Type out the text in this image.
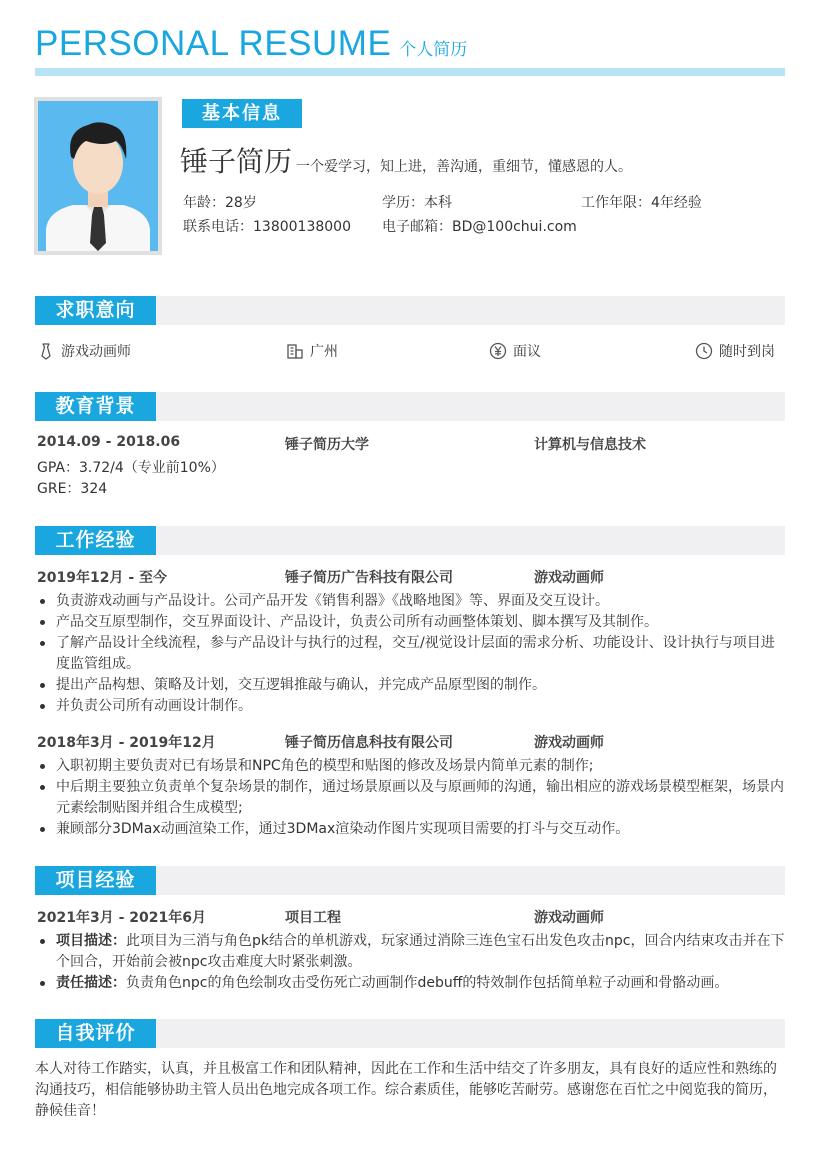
PERSONAL RESUME 个人简历
基本信息
锤子简历 一个爱学习，知上进，善沟通，重细节，懂感恩的人。
年龄：28岁	学历：本科	工作年限：4年经验
联系电话：13800138000 电子邮箱：BD@100chui.com
求职意向
游戏动画师	广州	面议	随时到岗
教育背景
2014.09 - 2018.06	锤子简历大学	计算机与信息技术
GPA：3.72/4（专业前10%） GRE：324
工作经验
2019年12月 - 至今	锤子简历广告科技有限公司	游戏动画师
负责游戏动画与产品设计。公司产品开发《销售利器》《战略地图》等、界面及交互设计。
产品交互原型制作，交互界面设计、产品设计，负责公司所有动画整体策划、脚本撰写及其制作。
了解产品设计全线流程，参与产品设计与执行的过程，交互/视觉设计层面的需求分析、功能设计、设计执行与项目进度监管组成。
提出产品构想、策略及计划，交互逻辑推敲与确认，并完成产品原型图的制作。
并负责公司所有动画设计制作。
2018年3月 - 2019年12月	锤子简历信息科技有限公司	游戏动画师
入职初期主要负责对已有场景和NPC角色的模型和贴图的修改及场景内简单元素的制作;
中后期主要独立负责单个复杂场景的制作，通过场景原画以及与原画师的沟通，输出相应的游戏场景模型框架，场景内元素绘制贴图并组合生成模型;
兼顾部分3DMax动画渲染工作，通过3DMax渲染动作图片实现项目需要的打斗与交互动作。
项目经验
2021年3月 - 2021年6月	项目工程	游戏动画师
项目描述：此项目为三消与角色pk结合的单机游戏，玩家通过消除三连色宝石出发色攻击npc，回合内结束攻击并在下个回合，开始前会被npc攻击难度大时紧张刺激。
责任描述：负责角色npc的角色绘制攻击受伤死亡动画制作debuff的特效制作包括简单粒子动画和骨骼动画。
自我评价
本人对待工作踏实，认真，并且极富工作和团队精神，因此在工作和生活中结交了许多朋友，具有良好的适应性和熟练的沟通技巧，相信能够协助主管人员出色地完成各项工作。综合素质佳，能够吃苦耐劳。感谢您在百忙之中阅览我的简历，静候佳音！
